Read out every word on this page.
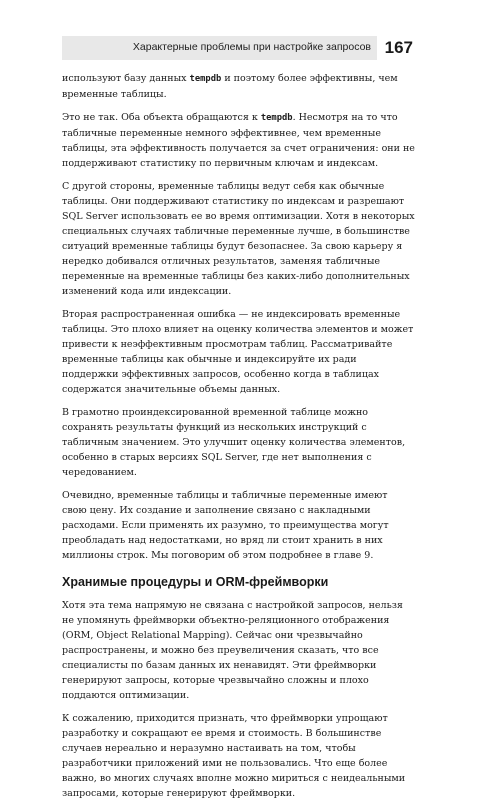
Характерные проблемы при настройке запросов 167

используют базу данных tempdb и поэтому более эффективны, чем временные таблицы.

Это не так. Оба объекта обращаются к tempdb. Несмотря на то что табличные переменные немного эффективнее, чем временные таблицы, эта эффективность получается за счет ограничения: они не поддерживают статистику по первичным ключам и индексам.

С другой стороны, временные таблицы ведут себя как обычные таблицы. Они поддерживают статистику по индексам и разрешают SQL Server использовать ее во время оптимизации. Хотя в некоторых специальных случаях табличные переменные лучше, в большинстве ситуаций временные таблицы будут безопаснее. За свою карьеру я нередко добивался отличных результатов, заменяя табличные переменные на временные таблицы без каких-либо дополнительных изменений кода или индексации.

Вторая распространенная ошибка — не индексировать временные таблицы. Это плохо влияет на оценку количества элементов и может привести к неэффективным просмотрам таблиц. Рассматривайте временные таблицы как обычные и индексируйте их ради поддержки эффективных запросов, особенно когда в таблицах содержатся значительные объемы данных.

В грамотно проиндексированной временной таблице можно сохранять результаты функций из нескольких инструкций с табличным значением. Это улучшит оценку количества элементов, особенно в старых версиях SQL Server, где нет выполнения с чередованием.

Очевидно, временные таблицы и табличные переменные имеют свою цену. Их создание и заполнение связано с накладными расходами. Если применять их разумно, то преимущества могут преобладать над недостатками, но вряд ли стоит хранить в них миллионы строк. Мы поговорим об этом подробнее в главе 9.

Хранимые процедуры и ORM-фреймворки

Хотя эта тема напрямую не связана с настройкой запросов, нельзя не упомянуть фреймворки объектно-реляционного отображения (ORM, Object Relational Mapping). Сейчас они чрезвычайно распространены, и можно без преувеличения сказать, что все специалисты по базам данных их ненавидят. Эти фреймворки генерируют запросы, которые чрезвычайно сложны и плохо поддаются оптимизации.

К сожалению, приходится признать, что фреймворки упрощают разработку и сокращают ее время и стоимость. В большинстве случаев нереально и неразумно настаивать на том, чтобы разработчики приложений ими не пользовались. Что еще более важно, во многих случаях вполне можно мириться с неидеальными запросами, которые генерируют фреймворки.
